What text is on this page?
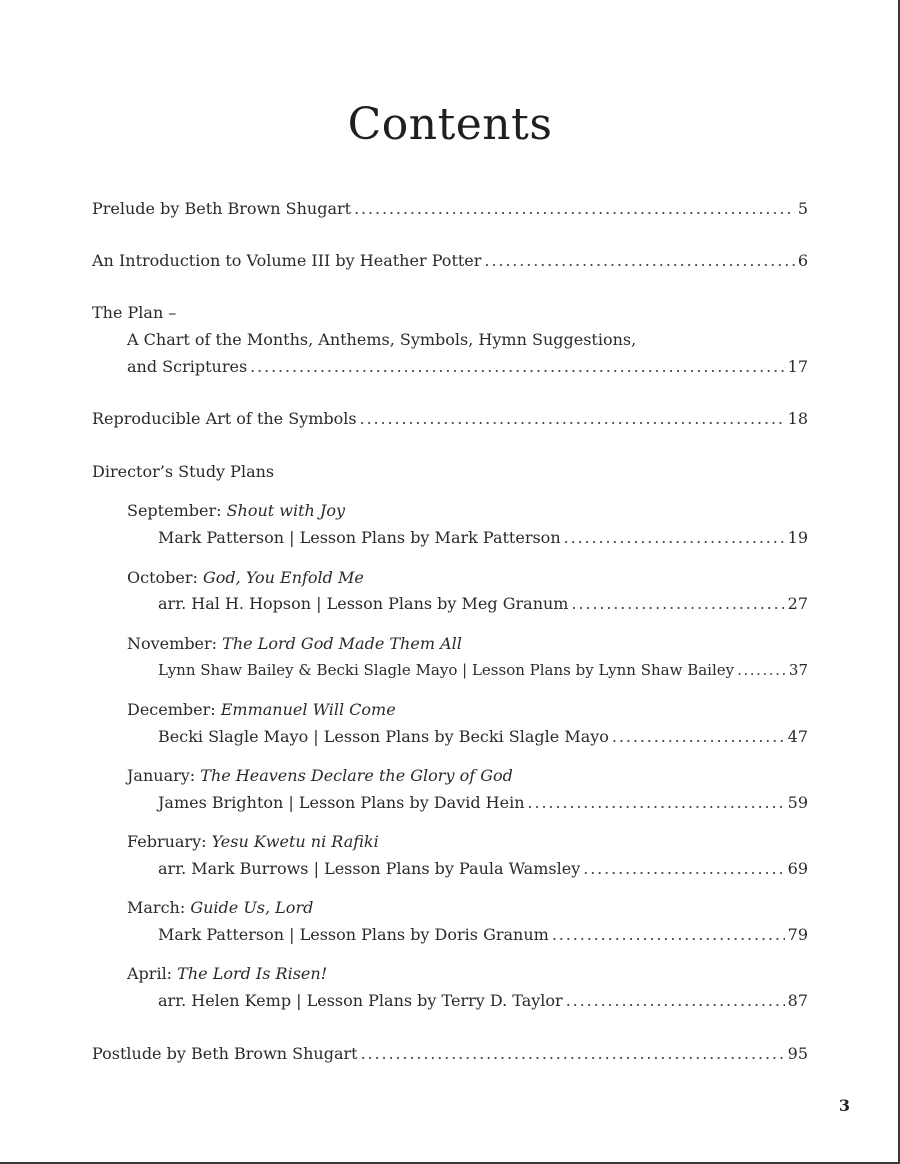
Contents
Prelude by Beth Brown Shugart . . .	5
An Introduction to Volume III by Heather Potter . . .	6
The Plan –
A Chart of the Months, Anthems, Symbols, Hymn Suggestions,
and Scriptures . . .	17
Reproducible Art of the Symbols . . .	18
Director’s Study Plans
September: Shout with Joy
Mark Patterson | Lesson Plans by Mark Patterson . . .	19
October: God, You Enfold Me
arr. Hal H. Hopson | Lesson Plans by Meg Granum . . .	27
November: The Lord God Made Them All
Lynn Shaw Bailey & Becki Slagle Mayo | Lesson Plans by Lynn Shaw Bailey . . .	37
December: Emmanuel Will Come
Becki Slagle Mayo | Lesson Plans by Becki Slagle Mayo . . .	47
January: The Heavens Declare the Glory of God
James Brighton | Lesson Plans by David Hein . . .	59
February: Yesu Kwetu ni Rafiki
arr. Mark Burrows | Lesson Plans by Paula Wamsley . . .	69
March: Guide Us, Lord
Mark Patterson | Lesson Plans by Doris Granum . . .	79
April: The Lord Is Risen!
arr. Helen Kemp | Lesson Plans by Terry D. Taylor . . .	87
Postlude by Beth Brown Shugart . . .	95
3
